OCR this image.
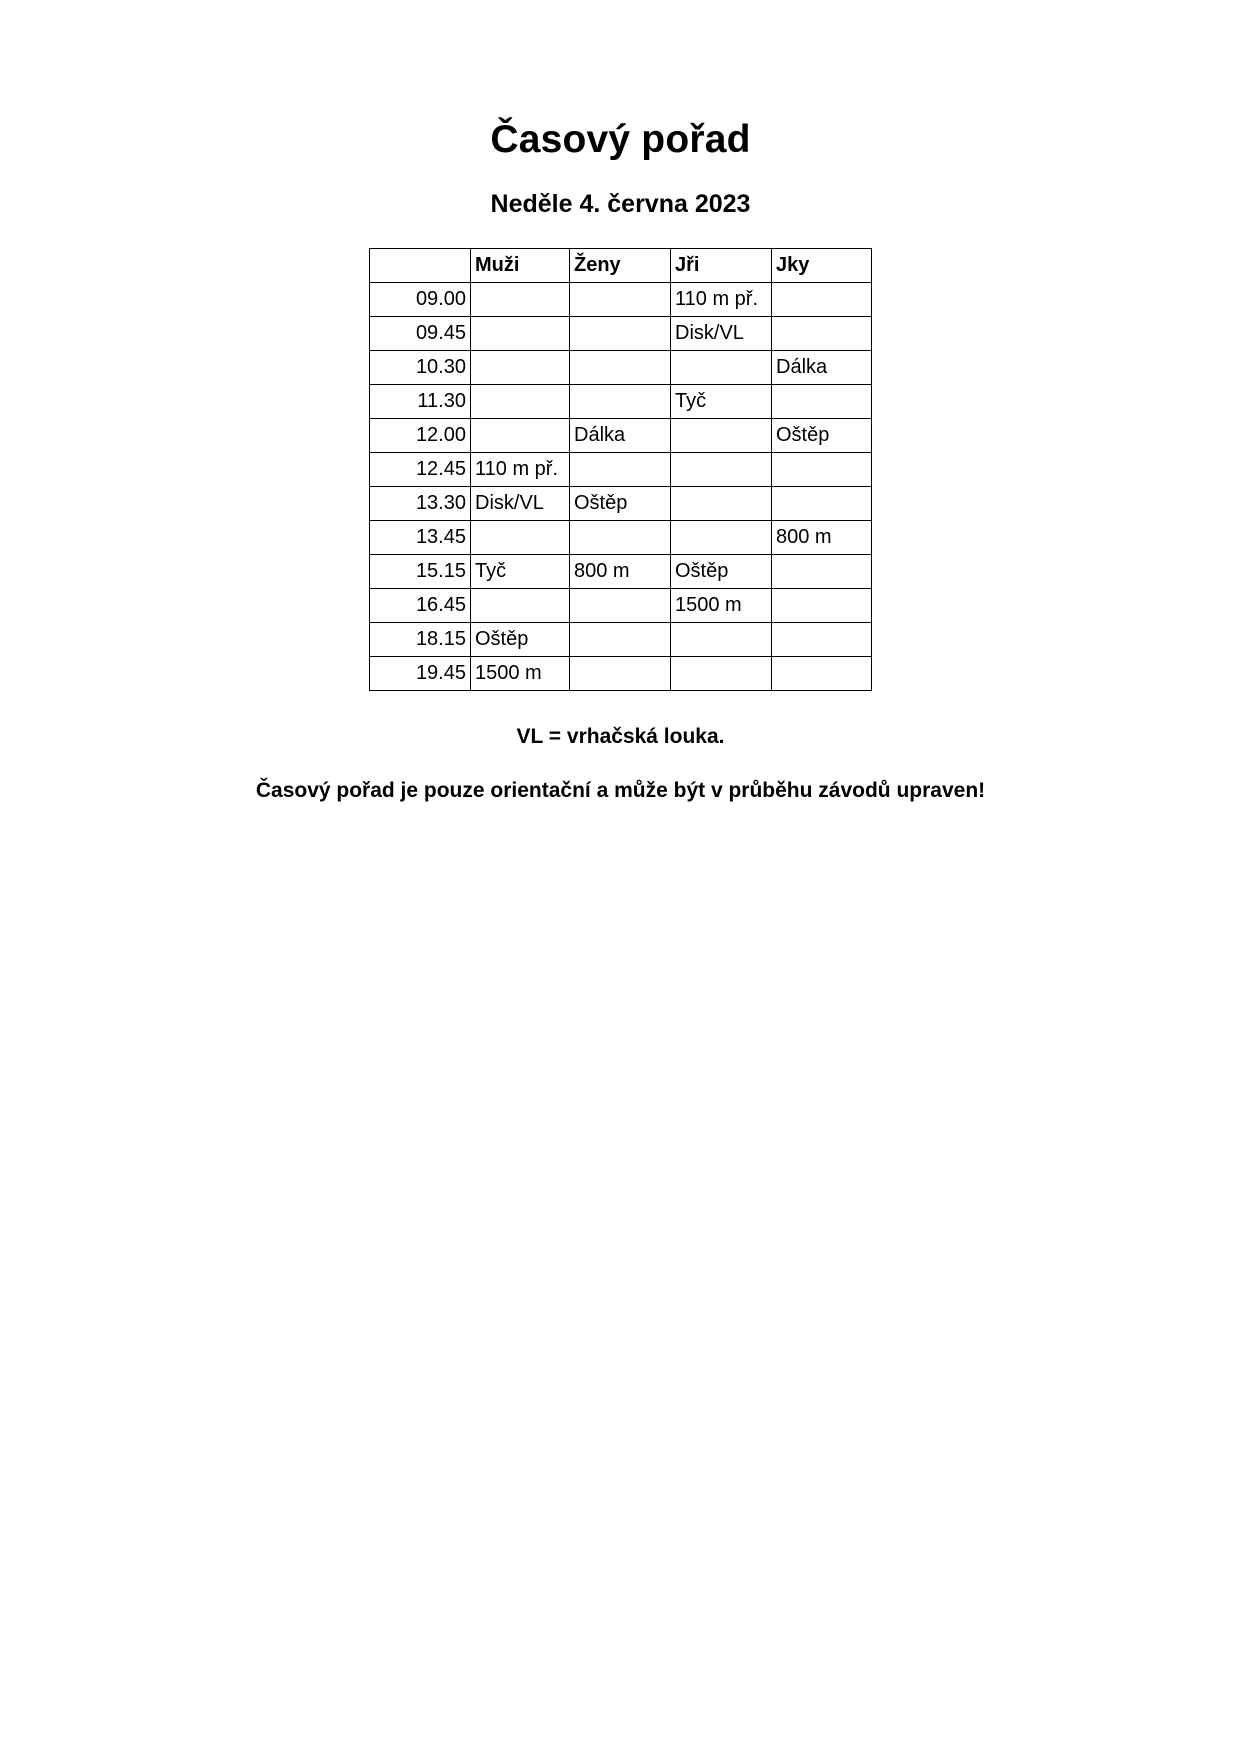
Časový pořad
Neděle 4. června 2023
	Muži	Ženy	Jři	Jky
09.00			110 m př.	
09.45			Disk/VL	
10.30				Dálka
11.30			Tyč	
12.00		Dálka		Oštěp
12.45	110 m př.			
13.30	Disk/VL	Oštěp		
13.45				800 m
15.15	Tyč	800 m	Oštěp	
16.45			1500 m	
18.15	Oštěp			
19.45	1500 m			

VL = vrhačská louka.

Časový pořad je pouze orientační a může být v průběhu závodů upraven!
